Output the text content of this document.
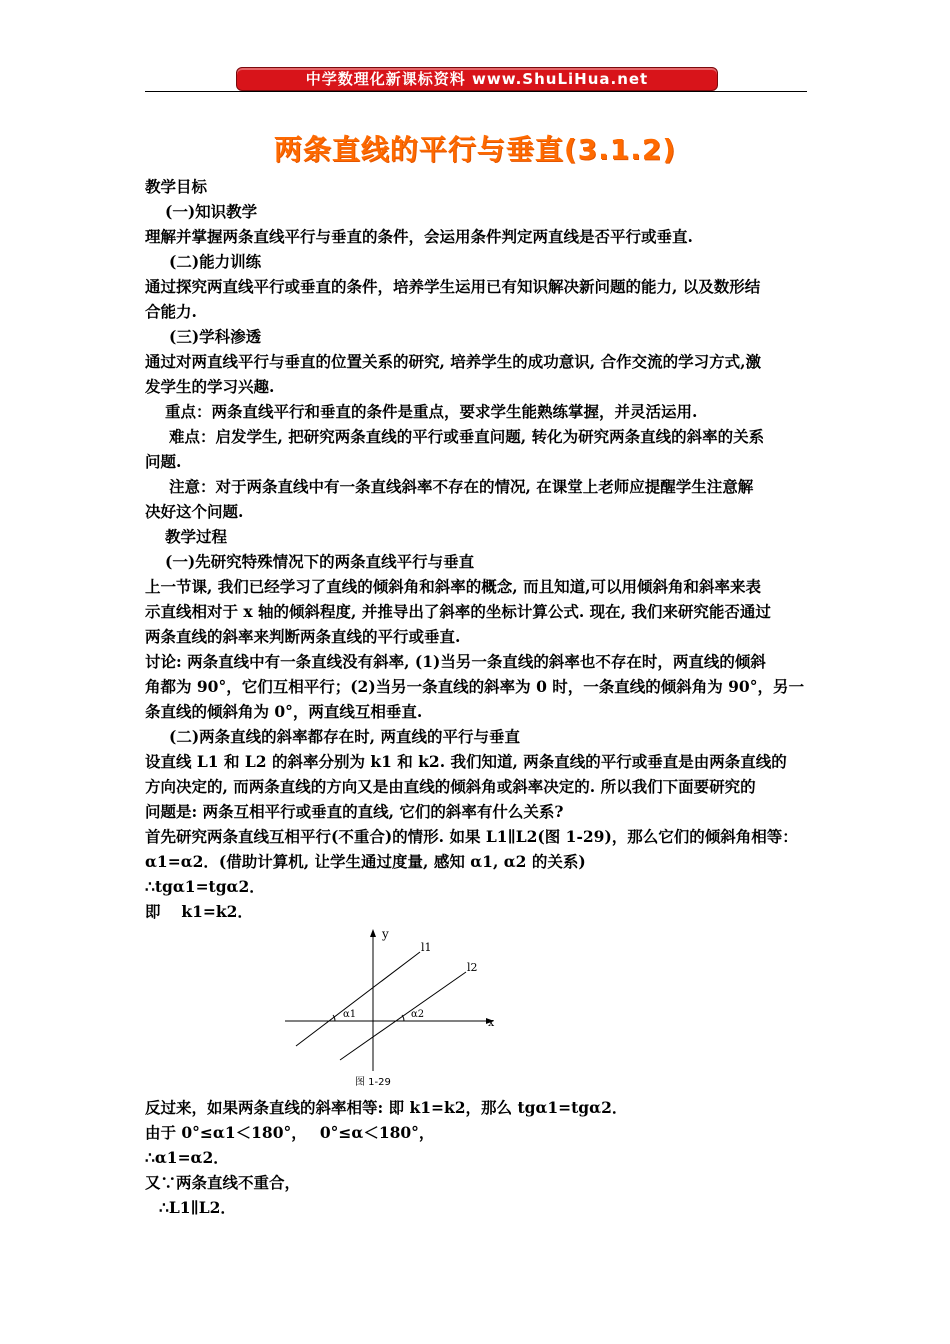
中学数理化新课标资料 www.ShuLiHua.net
两条直线的平行与垂直(3.1.2)
教学目标
(一)知识教学
理解并掌握两条直线平行与垂直的条件，会运用条件判定两直线是否平行或垂直.
(二)能力训练
通过探究两直线平行或垂直的条件，培养学生运用已有知识解决新问题的能力, 以及数形结
合能力.
(三)学科渗透
通过对两直线平行与垂直的位置关系的研究, 培养学生的成功意识, 合作交流的学习方式,激
发学生的学习兴趣.
重点：两条直线平行和垂直的条件是重点，要求学生能熟练掌握，并灵活运用.
难点：启发学生, 把研究两条直线的平行或垂直问题, 转化为研究两条直线的斜率的关系
问题.
注意：对于两条直线中有一条直线斜率不存在的情况, 在课堂上老师应提醒学生注意解
决好这个问题.
教学过程
(一)先研究特殊情况下的两条直线平行与垂直
上一节课, 我们已经学习了直线的倾斜角和斜率的概念, 而且知道,可以用倾斜角和斜率来表
示直线相对于 x 轴的倾斜程度, 并推导出了斜率的坐标计算公式. 现在, 我们来研究能否通过
两条直线的斜率来判断两条直线的平行或垂直.
讨论: 两条直线中有一条直线没有斜率, (1)当另一条直线的斜率也不存在时，两直线的倾斜
角都为 90°，它们互相平行；(2)当另一条直线的斜率为 0 时，一条直线的倾斜角为 90°，另一
条直线的倾斜角为 0°，两直线互相垂直.
(二)两条直线的斜率都存在时, 两直线的平行与垂直
设直线 L1 和 L2 的斜率分别为 k1 和 k2. 我们知道, 两条直线的平行或垂直是由两条直线的
方向决定的, 而两条直线的方向又是由直线的倾斜角或斜率决定的. 所以我们下面要研究的
问题是: 两条互相平行或垂直的直线, 它们的斜率有什么关系?
首先研究两条直线互相平行(不重合)的情形. 如果 L1∥L2(图 1-29)，那么它们的倾斜角相等：
α1=α2．(借助计算机, 让学生通过度量, 感知 α1, α2 的关系)
∴tgα1=tgα2．
即　 k1=k2．
x
y
l1
l2
α1	α2
图 1-29
反过来，如果两条直线的斜率相等: 即 k1=k2，那么 tgα1=tgα2．
由于 0°≤α1＜180°，　 0°≤α＜180°，
∴α1=α2．
又∵两条直线不重合，
∴L1∥L2．
